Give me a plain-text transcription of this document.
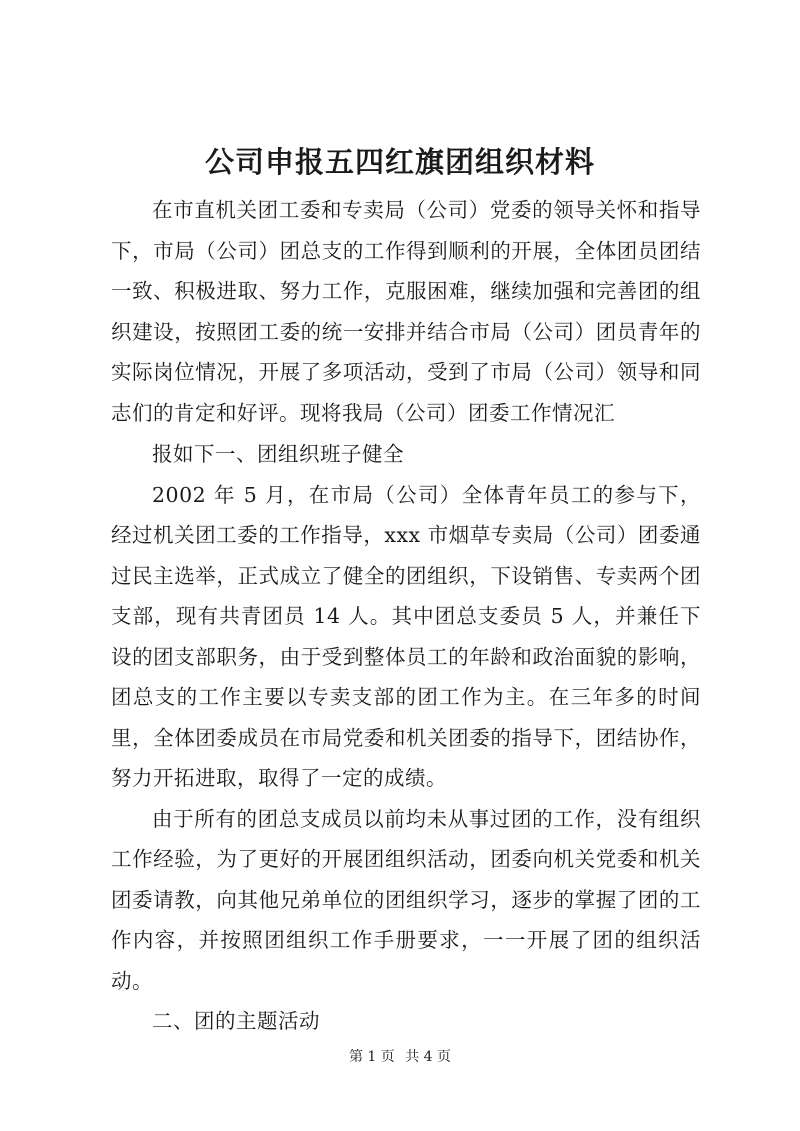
公司申报五四红旗团组织材料

在市直机关团工委和专卖局（公司）党委的领导关怀和指导下，市局（公司）团总支的工作得到顺利的开展，全体团员团结一致、积极进取、努力工作，克服困难，继续加强和完善团的组织建设，按照团工委的统一安排并结合市局（公司）团员青年的实际岗位情况，开展了多项活动，受到了市局（公司）领导和同志们的肯定和好评。现将我局（公司）团委工作情况汇

报如下一、团组织班子健全

2002 年 5 月，在市局（公司）全体青年员工的参与下，经过机关团工委的工作指导，xxx 市烟草专卖局（公司）团委通过民主选举，正式成立了健全的团组织，下设销售、专卖两个团支部，现有共青团员 14 人。其中团总支委员 5 人，并兼任下设的团支部职务，由于受到整体员工的年龄和政治面貌的影响，团总支的工作主要以专卖支部的团工作为主。在三年多的时间里，全体团委成员在市局党委和机关团委的指导下，团结协作，努力开拓进取，取得了一定的成绩。

由于所有的团总支成员以前均未从事过团的工作，没有组织工作经验，为了更好的开展团组织活动，团委向机关党委和机关团委请教，向其他兄弟单位的团组织学习，逐步的掌握了团的工作内容，并按照团组织工作手册要求，一一开展了团的组织活动。

二、团的主题活动

第 1 页 共 4 页
